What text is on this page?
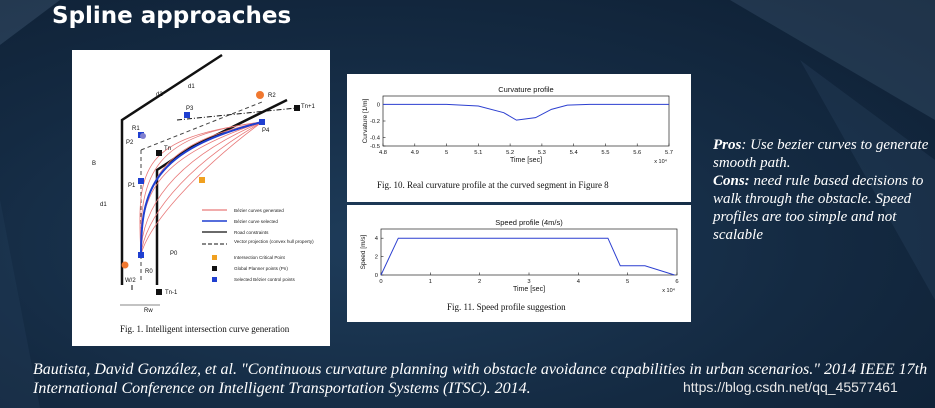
Spline approaches
R2
Tn+1
P4
P3
R1
P2
Tn
P1
P0
R0
Tn-1
d1
d2
d1
B
W/2
Rw
Bézier curves generated
Bézier curve selected
Road constraints
Vector projection (convex hull property)
Intersection Critical Point
Global Planner points (Pn)
Selected Bézier control points
Fig. 1. Intelligent intersection curve generation
Curvature profile
Time [sec]
Curvature [1/m]
x 10⁴
4.8	4.9	5	5.1	5.2	5.3	5.4	5.5	5.6	5.7
0
-0.2
-0.4
-0.5
Fig. 10. Real curvature profile at the curved segment in Figure 8
Speed profile (4m/s)
Time [sec]
Speed [m/s]
x 10⁴
0	1	2	3	4	5	6
0
2
4
Fig. 11. Speed profile suggestion
Pros: Use bezier curves to generate smooth path.
Cons: need rule based decisions to walk through the obstacle. Speed profiles are too simple and not scalable
Bautista, David González, et al. "Continuous curvature planning with obstacle avoidance capabilities in urban scenarios." 2014 IEEE 17th International Conference on Intelligent Transportation Systems (ITSC). 2014.	https://blog.csdn.net/qq_45577461
